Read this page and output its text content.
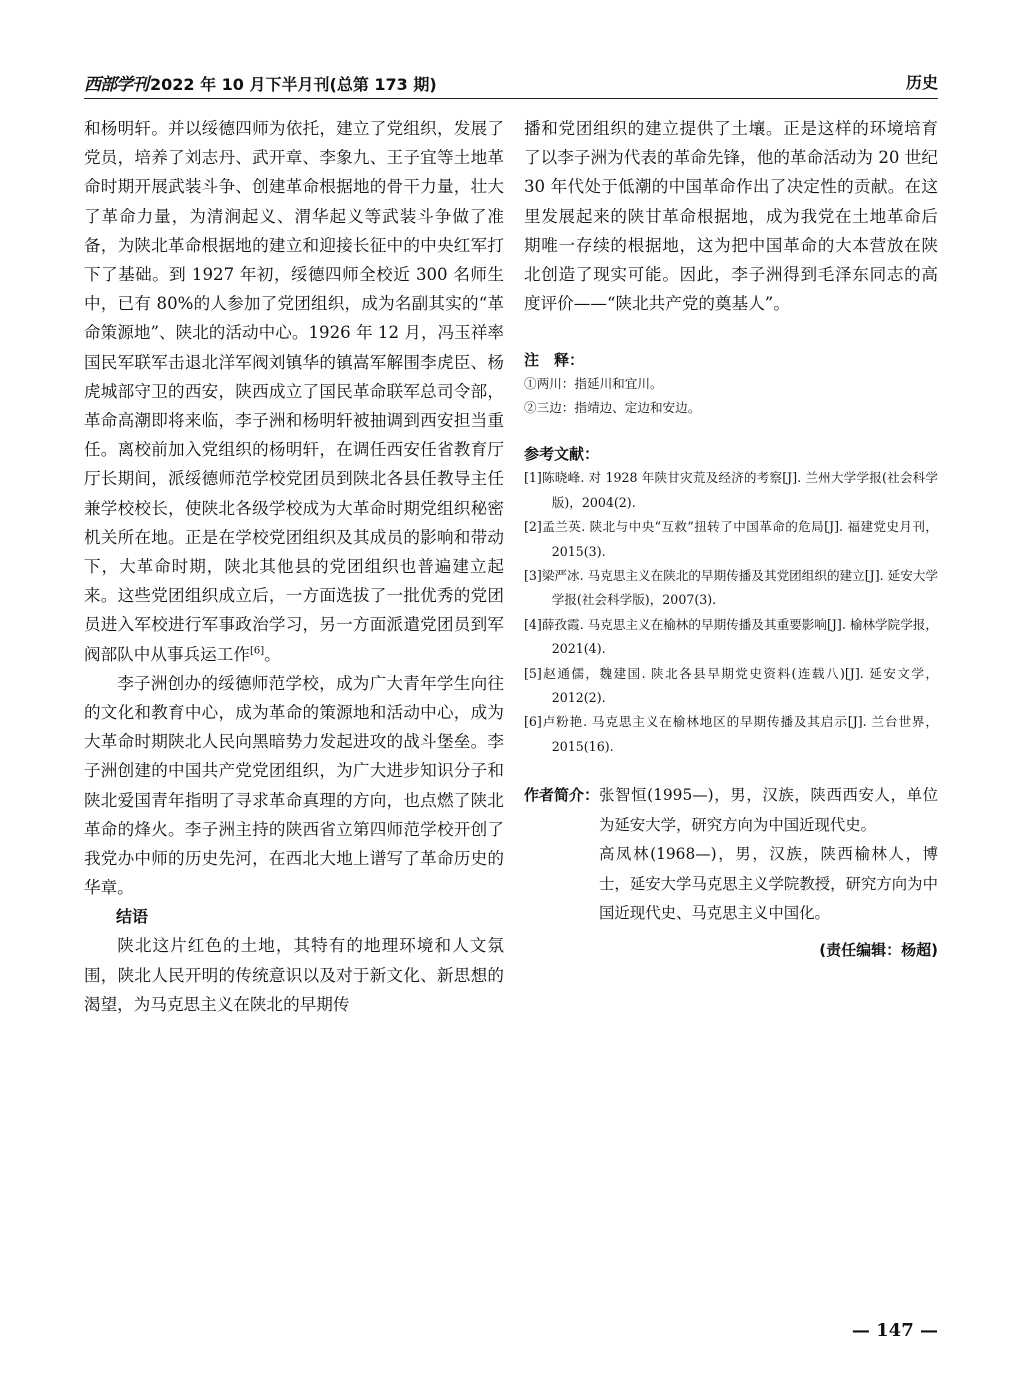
西部学刊 2022 年 10 月下半月刊(总第 173 期)	历史

和杨明轩。并以绥德四师为依托，建立了党组织，发展了党员，培养了刘志丹、武开章、李象九、王子宜等土地革命时期开展武装斗争、创建革命根据地的骨干力量，壮大了革命力量，为清涧起义、渭华起义等武装斗争做了准备，为陕北革命根据地的建立和迎接长征中的中央红军打下了基础。到 1927 年初，绥德四师全校近 300 名师生中，已有 80%的人参加了党团组织，成为名副其实的“革命策源地”、陕北的活动中心。1926 年 12 月，冯玉祥率国民军联军击退北洋军阀刘镇华的镇嵩军解围李虎臣、杨虎城部守卫的西安，陕西成立了国民革命联军总司令部，革命高潮即将来临，李子洲和杨明轩被抽调到西安担当重任。离校前加入党组织的杨明轩，在调任西安任省教育厅厅长期间，派绥德师范学校党团员到陕北各县任教导主任兼学校校长，使陕北各级学校成为大革命时期党组织秘密机关所在地。正是在学校党团组织及其成员的影响和带动下，大革命时期，陕北其他县的党团组织也普遍建立起来。这些党团组织成立后，一方面选拔了一批优秀的党团员进入军校进行军事政治学习，另一方面派遣党团员到军阀部队中从事兵运工作[6]。

李子洲创办的绥德师范学校，成为广大青年学生向往的文化和教育中心，成为革命的策源地和活动中心，成为大革命时期陕北人民向黑暗势力发起进攻的战斗堡垒。李子洲创建的中国共产党党团组织，为广大进步知识分子和陕北爱国青年指明了寻求革命真理的方向，也点燃了陕北革命的烽火。李子洲主持的陕西省立第四师范学校开创了我党办中师的历史先河，在西北大地上谱写了革命历史的华章。

结语

陕北这片红色的土地，其特有的地理环境和人文氛围，陕北人民开明的传统意识以及对于新文化、新思想的渴望，为马克思主义在陕北的早期传

播和党团组织的建立提供了土壤。正是这样的环境培育了以李子洲为代表的革命先锋，他的革命活动为 20 世纪 30 年代处于低潮的中国革命作出了决定性的贡献。在这里发展起来的陕甘革命根据地，成为我党在土地革命后期唯一存续的根据地，这为把中国革命的大本营放在陕北创造了现实可能。因此，李子洲得到毛泽东同志的高度评价——“陕北共产党的奠基人”。

注　释：

①两川：指延川和宜川。

②三边：指靖边、定边和安边。

参考文献：

[1]陈晓峰. 对 1928 年陕甘灾荒及经济的考察[J]. 兰州大学学报(社会科学版)，2004(2).

[2]孟兰英. 陕北与中央“互救”扭转了中国革命的危局[J]. 福建党史月刊，2015(3).

[3]梁严冰. 马克思主义在陕北的早期传播及其党团组织的建立[J]. 延安大学学报(社会科学版)，2007(3).

[4]薛孜霞. 马克思主义在榆林的早期传播及其重要影响[J]. 榆林学院学报，2021(4).

[5]赵通儒，魏建国. 陕北各县早期党史资料(连载八)[J]. 延安文学，2012(2).

[6]卢粉艳. 马克思主义在榆林地区的早期传播及其启示[J]. 兰台世界，2015(16).

作者简介： 张智恒(1995—)，男，汉族，陕西西安人，单位为延安大学，研究方向为中国近现代史。

高凤林(1968—)，男，汉族，陕西榆林人，博士，延安大学马克思主义学院教授，研究方向为中国近现代史、马克思主义中国化。

(责任编辑：杨超)
— 147 —
